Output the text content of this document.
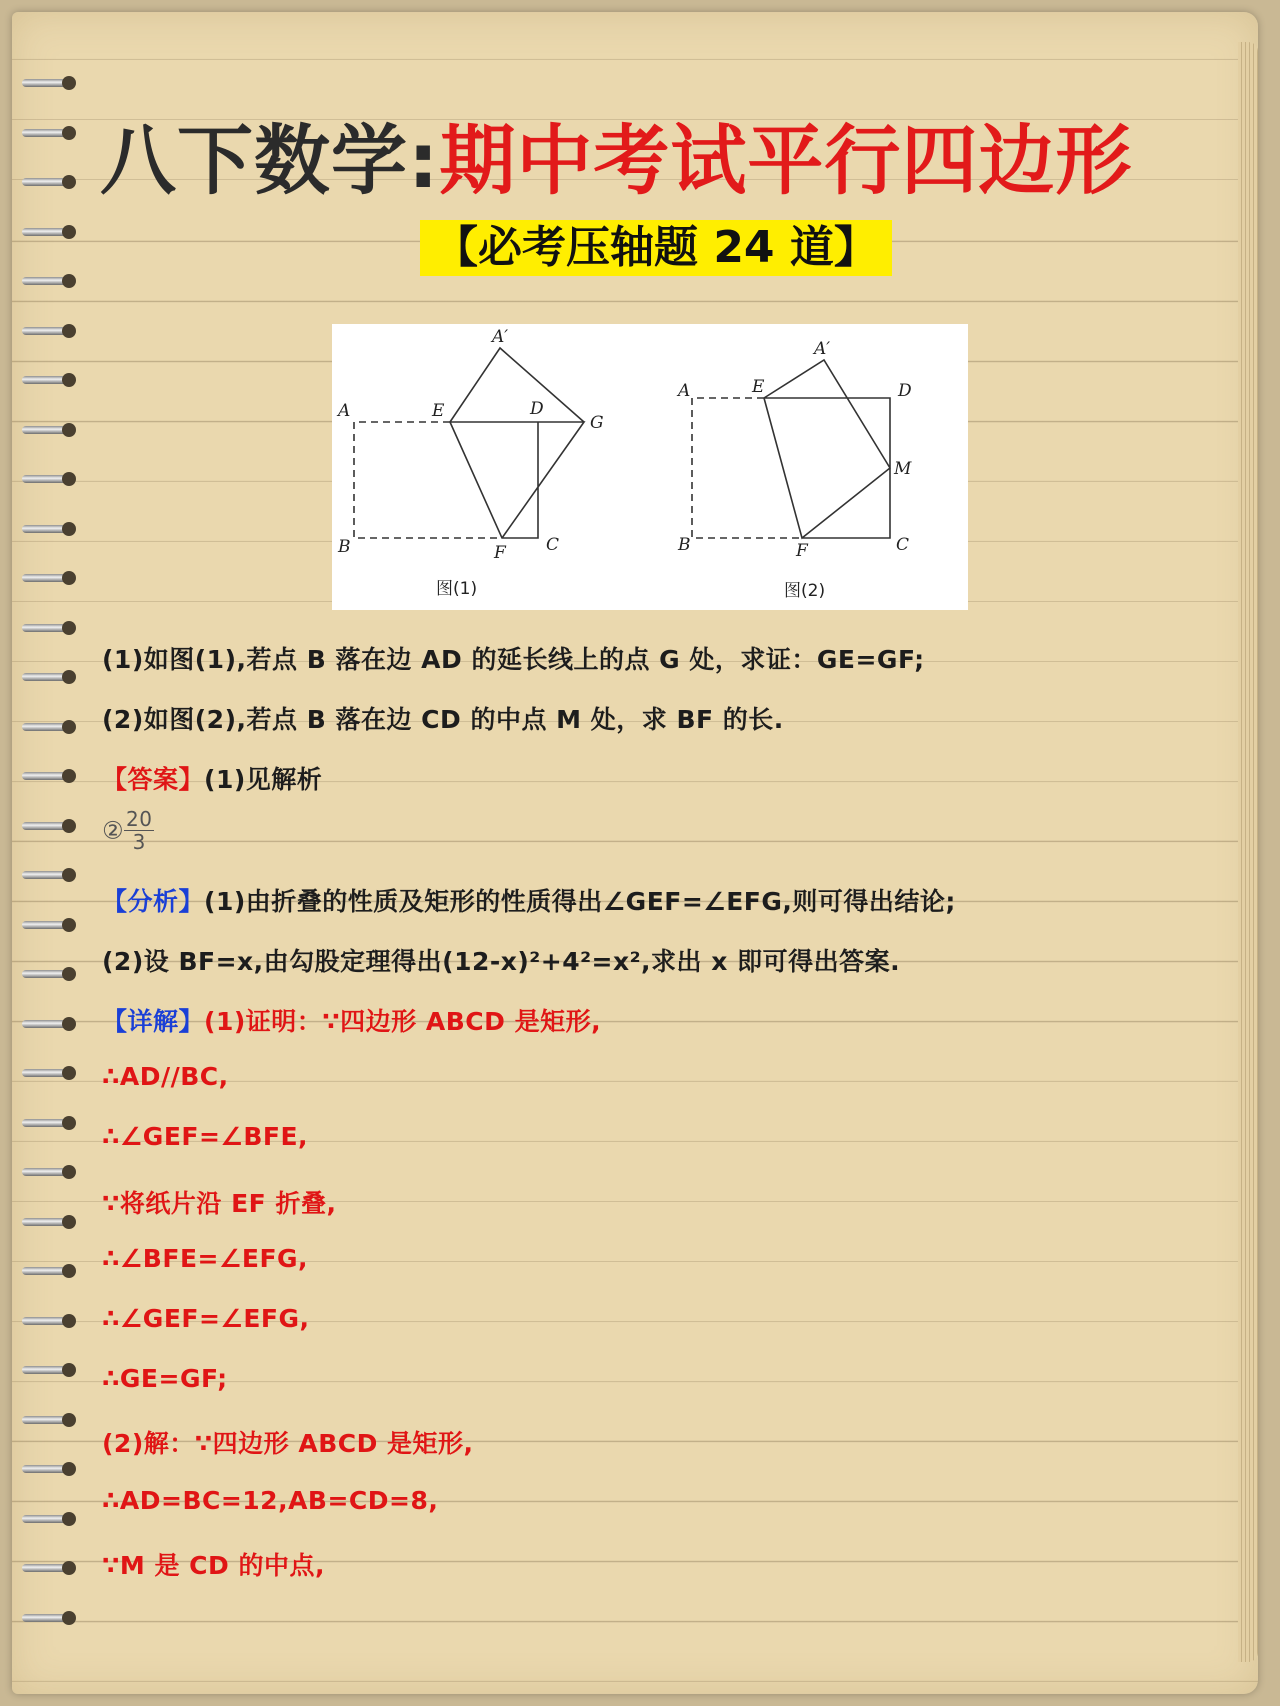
八下数学:期中考试平行四边形
【必考压轴题 24 道】
A	E	D
G
A′
B	F C
图(1)
A	E	D
A′
M
B	F	C
图(2)
(1)如图(1),若点 B 落在边 AD 的延长线上的点 G 处，求证：GE=GF;
(2)如图(2),若点 B 落在边 CD 的中点 M 处，求 BF 的长.
【答案】(1)见解析
② $\frac{20}{3}$
【分析】(1)由折叠的性质及矩形的性质得出∠GEF=∠EFG,则可得出结论;
(2)设 BF=x,由勾股定理得出(12-x)²+4²=x²,求出 x 即可得出答案.
【详解】(1)证明：∵四边形 ABCD 是矩形,
∴AD//BC,
∴∠GEF=∠BFE,
∵将纸片沿 EF 折叠,
∴∠BFE=∠EFG,
∴∠GEF=∠EFG,
∴GE=GF;
(2)解：∵四边形 ABCD 是矩形,
∴AD=BC=12,AB=CD=8,
∵M 是 CD 的中点,
